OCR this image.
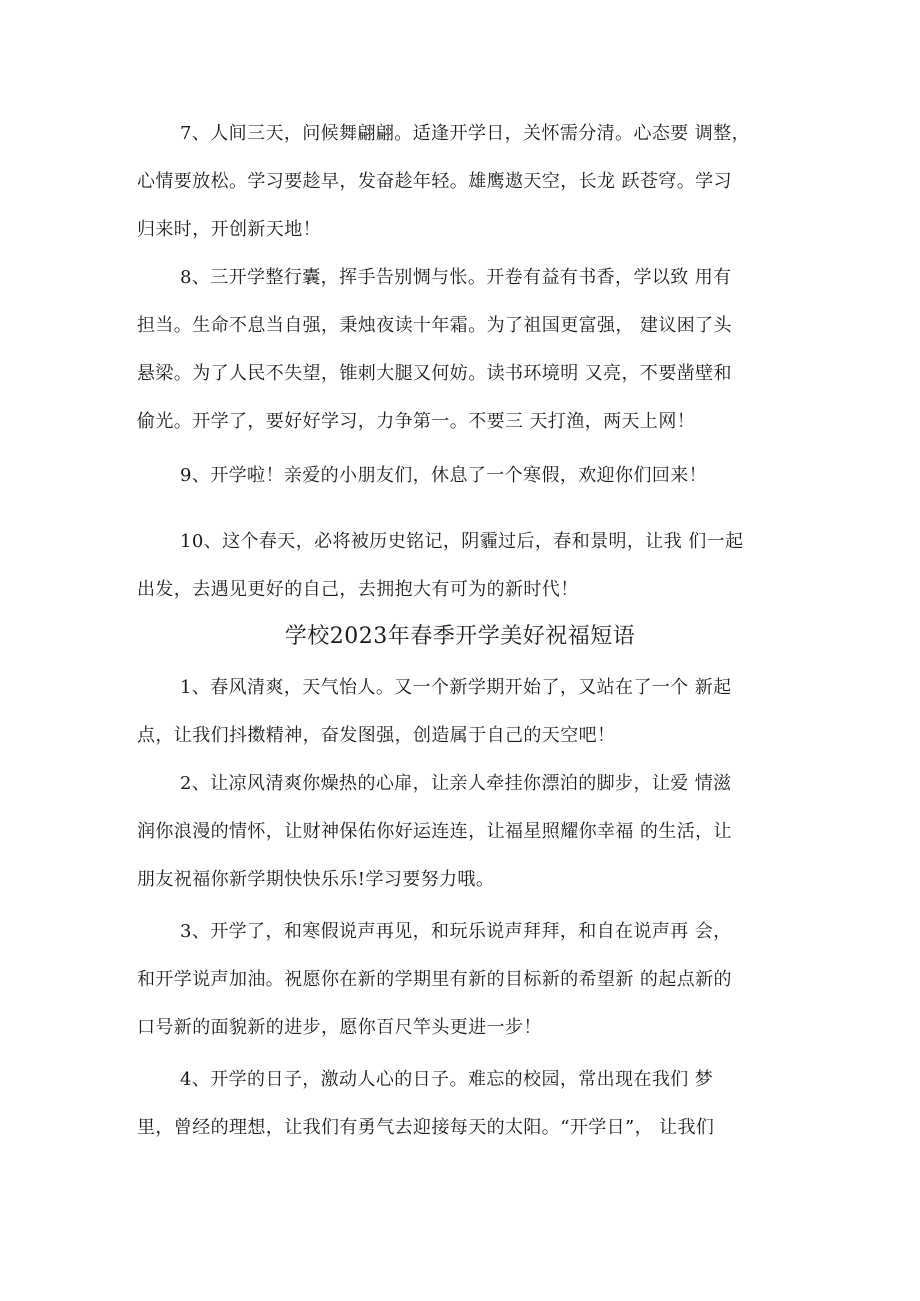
7、人间三天，问候舞翩翩。适逢开学日，关怀需分清。心态要 调整，
心情要放松。学习要趁早，发奋趁年轻。雄鹰遨天空，长龙 跃苍穹。学习
归来时，开创新天地！
8、三开学整行囊，挥手告别惆与怅。开卷有益有书香，学以致 用有
担当。生命不息当自强，秉烛夜读十年霜。为了祖国更富强， 建议困了头
悬梁。为了人民不失望，锥刺大腿又何妨。读书环境明 又亮，不要凿壁和
偷光。开学了，要好好学习，力争第一。不要三 天打渔，两天上网！
9、开学啦！亲爱的小朋友们，休息了一个寒假，欢迎你们回来！
10、这个春天，必将被历史铭记，阴霾过后，春和景明，让我 们一起
出发，去遇见更好的自己，去拥抱大有可为的新时代！
学校2023年春季开学美好祝福短语
1、春风清爽，天气怡人。又一个新学期开始了，又站在了一个 新起
点，让我们抖擞精神，奋发图强，创造属于自己的天空吧！
2、让凉风清爽你燥热的心扉，让亲人牵挂你漂泊的脚步，让爱 情滋
润你浪漫的情怀，让财神保佑你好运连连，让福星照耀你幸福 的生活，让
朋友祝福你新学期快快乐乐!学习要努力哦。
3、开学了，和寒假说声再见，和玩乐说声拜拜，和自在说声再 会，
和开学说声加油。祝愿你在新的学期里有新的目标新的希望新 的起点新的
口号新的面貌新的进步，愿你百尺竿头更进一步！
4、开学的日子，激动人心的日子。难忘的校园，常出现在我们 梦
里，曾经的理想，让我们有勇气去迎接每天的太阳。“开学日”， 让我们
